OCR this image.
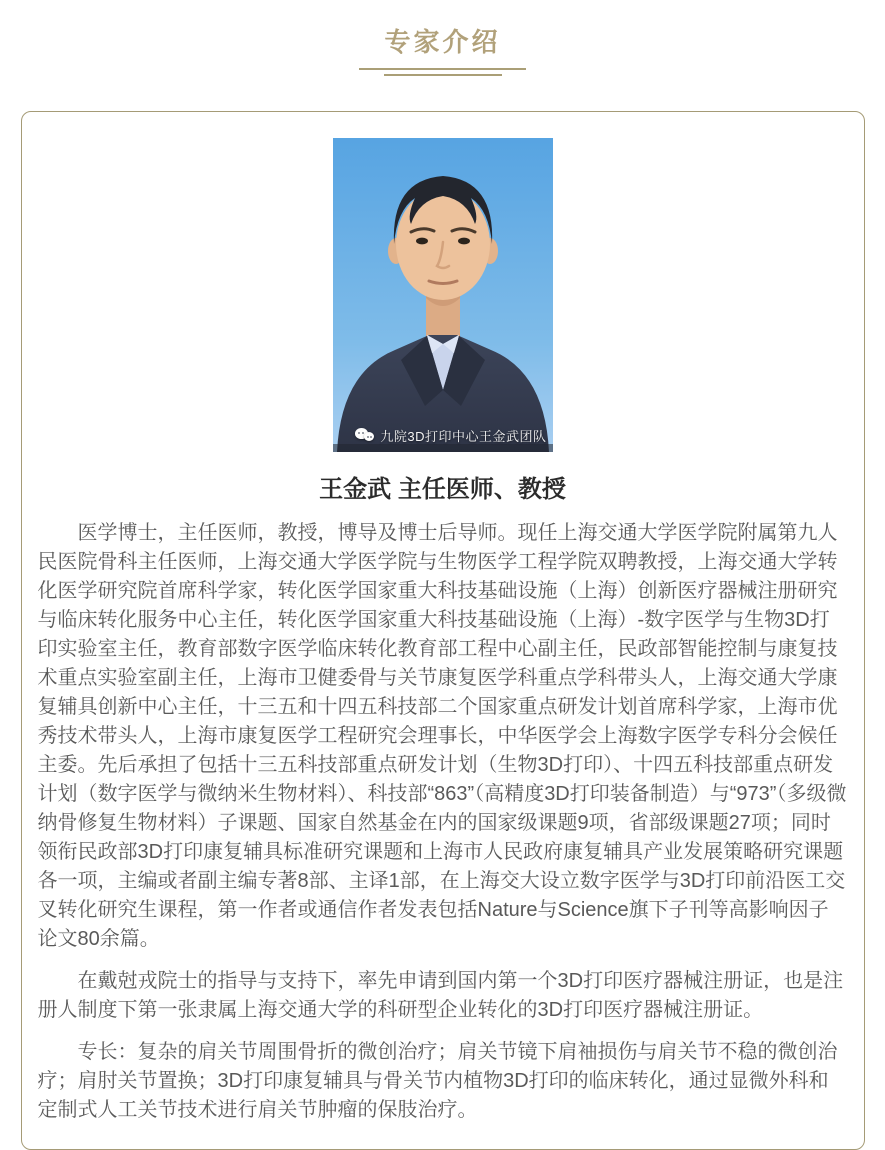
专家介绍
九院3D打印中心王金武团队
王金武 主任医师、教授

医学博士，主任医师，教授，博导及博士后导师。现任上海交通大学医学院附属第九人民医院骨科主任医师，上海交通大学医学院与生物医学工程学院双聘教授，上海交通大学转化医学研究院首席科学家，转化医学国家重大科技基础设施（上海）创新医疗器械注册研究与临床转化服务中心主任，转化医学国家重大科技基础设施（上海）-数字医学与生物3D打印实验室主任，教育部数字医学临床转化教育部工程中心副主任，民政部智能控制与康复技术重点实验室副主任，上海市卫健委骨与关节康复医学科重点学科带头人，上海交通大学康复辅具创新中心主任，十三五和十四五科技部二个国家重点研发计划首席科学家，上海市优秀技术带头人，上海市康复医学工程研究会理事长，中华医学会上海数字医学专科分会候任主委。先后承担了包括十三五科技部重点研发计划（生物3D打印）、十四五科技部重点研发计划（数字医学与微纳米生物材料）、科技部“863”（高精度3D打印装备制造）与“973”（多级微纳骨修复生物材料）子课题、国家自然基金在内的国家级课题9项，省部级课题27项；同时领衔民政部3D打印康复辅具标准研究课题和上海市人民政府康复辅具产业发展策略研究课题各一项，主编或者副主编专著8部、主译1部，在上海交大设立数字医学与3D打印前沿医工交叉转化研究生课程，第一作者或通信作者发表包括Nature与Science旗下子刊等高影响因子论文80余篇。

在戴尅戎院士的指导与支持下，率先申请到国内第一个3D打印医疗器械注册证，也是注册人制度下第一张隶属上海交通大学的科研型企业转化的3D打印医疗器械注册证。

专长：复杂的肩关节周围骨折的微创治疗；肩关节镜下肩袖损伤与肩关节不稳的微创治疗；肩肘关节置换；3D打印康复辅具与骨关节内植物3D打印的临床转化，通过显微外科和定制式人工关节技术进行肩关节肿瘤的保肢治疗。
